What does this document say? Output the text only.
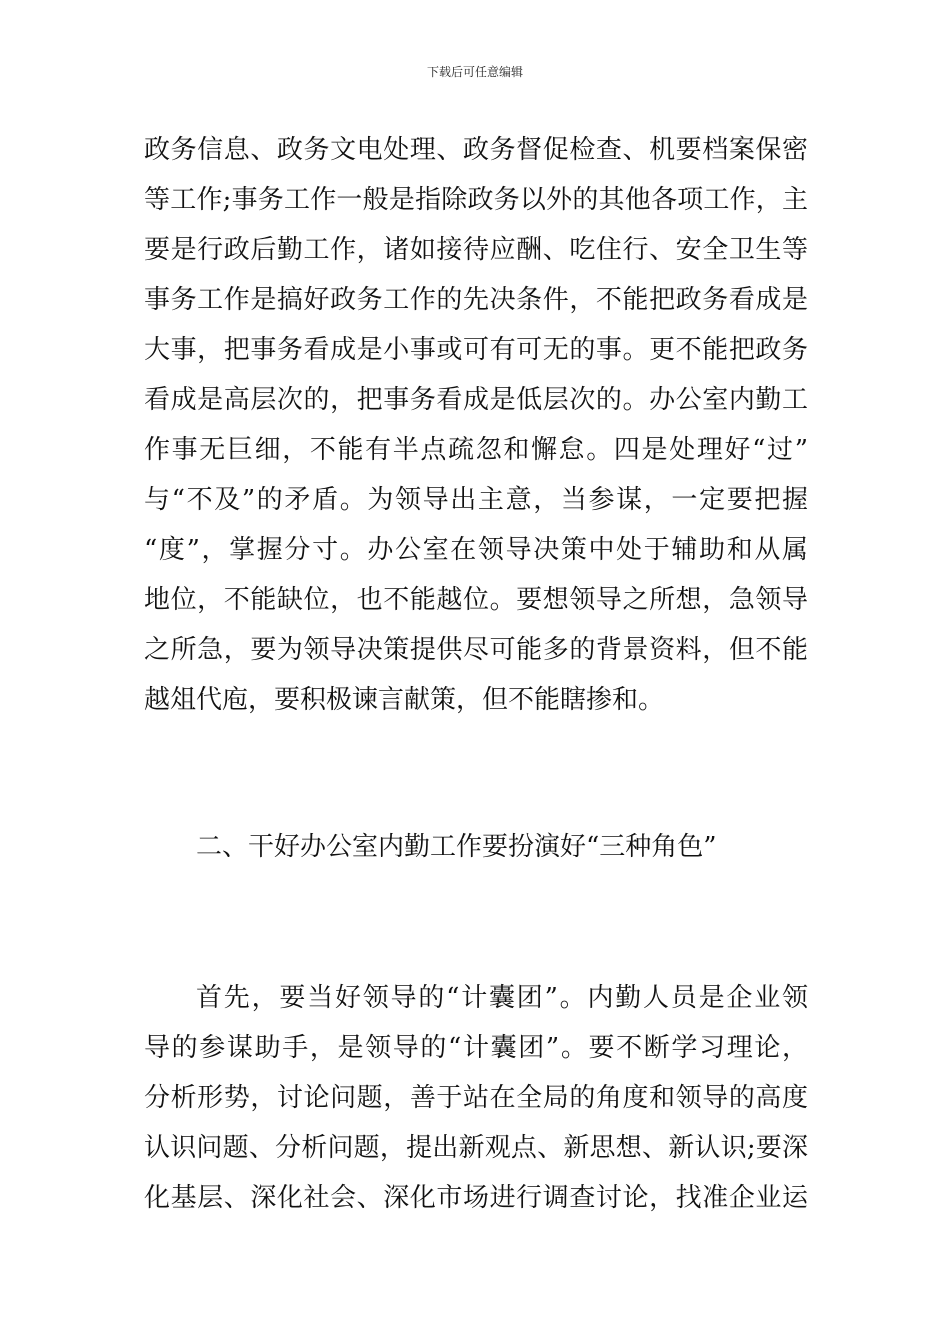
下载后可任意编辑
政务信息、政务文电处理、政务督促检查、机要档案保密
等工作;事务工作一般是指除政务以外的其他各项工作，主
要是行政后勤工作，诸如接待应酬、吃住行、安全卫生等
事务工作是搞好政务工作的先决条件，不能把政务看成是
大事，把事务看成是小事或可有可无的事。更不能把政务
看成是高层次的，把事务看成是低层次的。办公室内勤工
作事无巨细，不能有半点疏忽和懈怠。四是处理好“过”
与“不及”的矛盾。为领导出主意，当参谋，一定要把握
“度”，掌握分寸。办公室在领导决策中处于辅助和从属
地位，不能缺位，也不能越位。要想领导之所想，急领导
之所急，要为领导决策提供尽可能多的背景资料，但不能
越俎代庖，要积极谏言献策，但不能瞎掺和。
二、干好办公室内勤工作要扮演好“三种角色”
首先，要当好领导的“计囊团”。内勤人员是企业领
导的参谋助手，是领导的“计囊团”。要不断学习理论，
分析形势，讨论问题，善于站在全局的角度和领导的高度
认识问题、分析问题，提出新观点、新思想、新认识;要深
化基层、深化社会、深化市场进行调查讨论，找准企业运
